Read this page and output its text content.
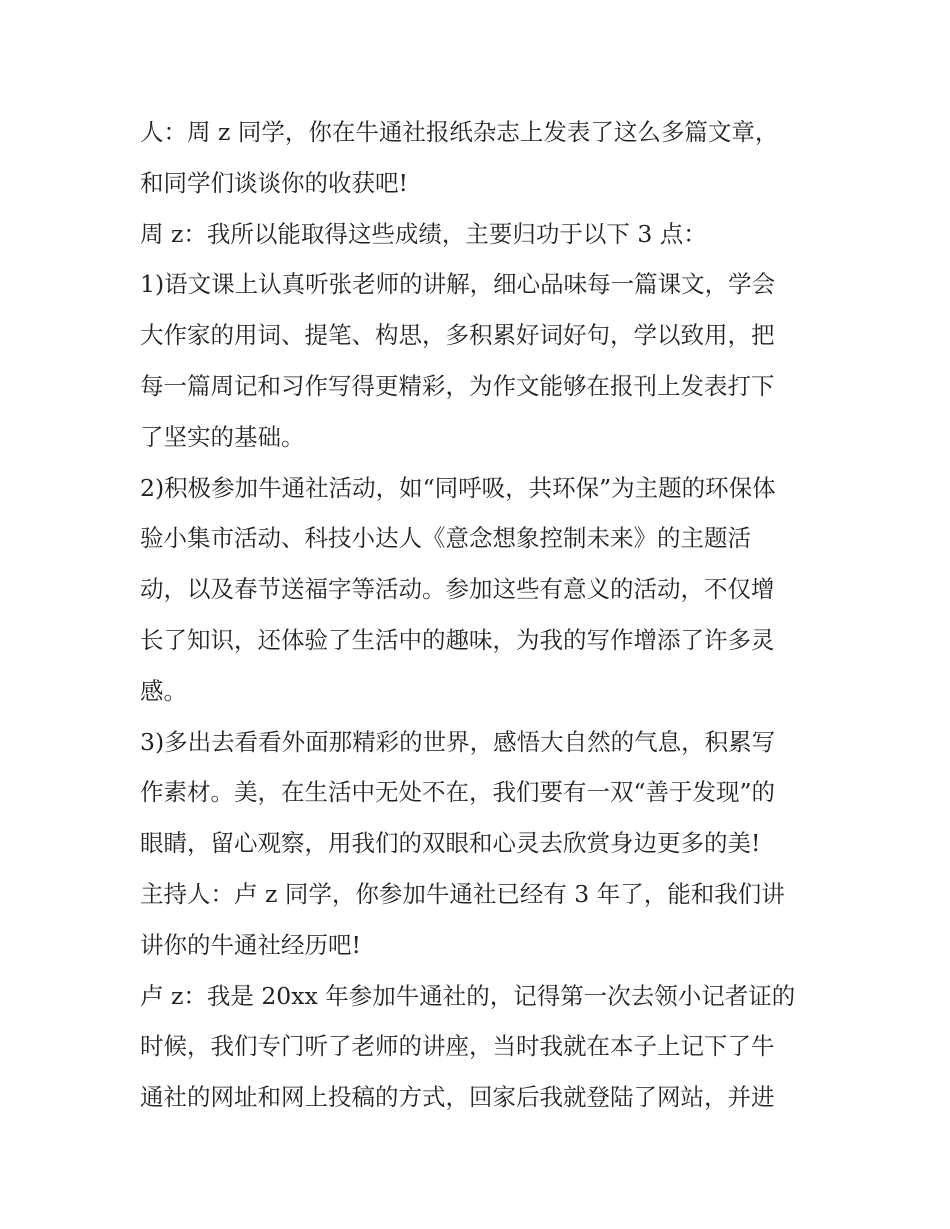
人：周 z 同学，你在牛通社报纸杂志上发表了这么多篇文章，
和同学们谈谈你的收获吧!
周 z：我所以能取得这些成绩，主要归功于以下 3 点：
1)语文课上认真听张老师的讲解，细心品味每一篇课文，学会
大作家的用词、提笔、构思，多积累好词好句，学以致用，把
每一篇周记和习作写得更精彩，为作文能够在报刊上发表打下
了坚实的基础。
2)积极参加牛通社活动，如“同呼吸，共环保”为主题的环保体
验小集市活动、科技小达人《意念想象控制未来》的主题活
动，以及春节送福字等活动。参加这些有意义的活动，不仅增
长了知识，还体验了生活中的趣味，为我的写作增添了许多灵
感。
3)多出去看看外面那精彩的世界，感悟大自然的气息，积累写
作素材。美，在生活中无处不在，我们要有一双“善于发现”的
眼睛，留心观察，用我们的双眼和心灵去欣赏身边更多的美!
主持人：卢 z 同学，你参加牛通社已经有 3 年了，能和我们讲
讲你的牛通社经历吧!
卢 z：我是 20xx 年参加牛通社的，记得第一次去领小记者证的
时候，我们专门听了老师的讲座，当时我就在本子上记下了牛
通社的网址和网上投稿的方式，回家后我就登陆了网站，并进
